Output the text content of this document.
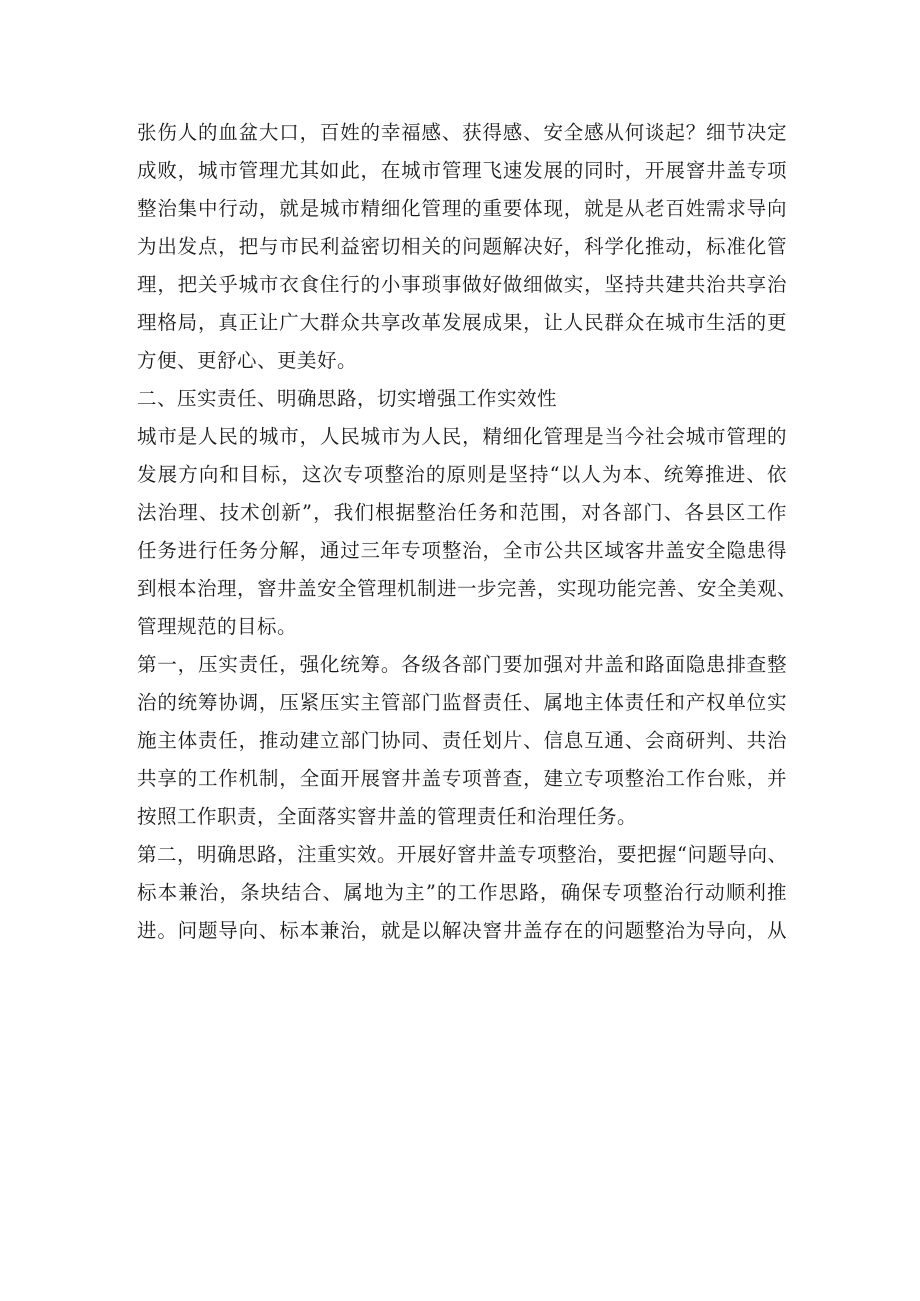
张伤人的血盆大口，百姓的幸福感、获得感、安全感从何谈起？细节决定
成败，城市管理尤其如此，在城市管理飞速发展的同时，开展窨井盖专项
整治集中行动，就是城市精细化管理的重要体现，就是从老百姓需求导向
为出发点，把与市民利益密切相关的问题解决好，科学化推动，标准化管
理，把关乎城市衣食住行的小事琐事做好做细做实，坚持共建共治共享治
理格局，真正让广大群众共享改革发展成果，让人民群众在城市生活的更
方便、更舒心、更美好。
二、压实责任、明确思路，切实增强工作实效性
城市是人民的城市，人民城市为人民，精细化管理是当今社会城市管理的
发展方向和目标，这次专项整治的原则是坚持“以人为本、统筹推进、依
法治理、技术创新”，我们根据整治任务和范围，对各部门、各县区工作
任务进行任务分解，通过三年专项整治，全市公共区域客井盖安全隐患得
到根本治理，窨井盖安全管理机制进一步完善，实现功能完善、安全美观、
管理规范的目标。
第一，压实责任，强化统筹。各级各部门要加强对井盖和路面隐患排查整
治的统筹协调，压紧压实主管部门监督责任、属地主体责任和产权单位实
施主体责任，推动建立部门协同、责任划片、信息互通、会商研判、共治
共享的工作机制，全面开展窨井盖专项普查，建立专项整治工作台账，并
按照工作职责，全面落实窨井盖的管理责任和治理任务。
第二，明确思路，注重实效。开展好窨井盖专项整治，要把握“问题导向、
标本兼治，条块结合、属地为主”的工作思路，确保专项整治行动顺利推
进。问题导向、标本兼治，就是以解决窨井盖存在的问题整治为导向，从
